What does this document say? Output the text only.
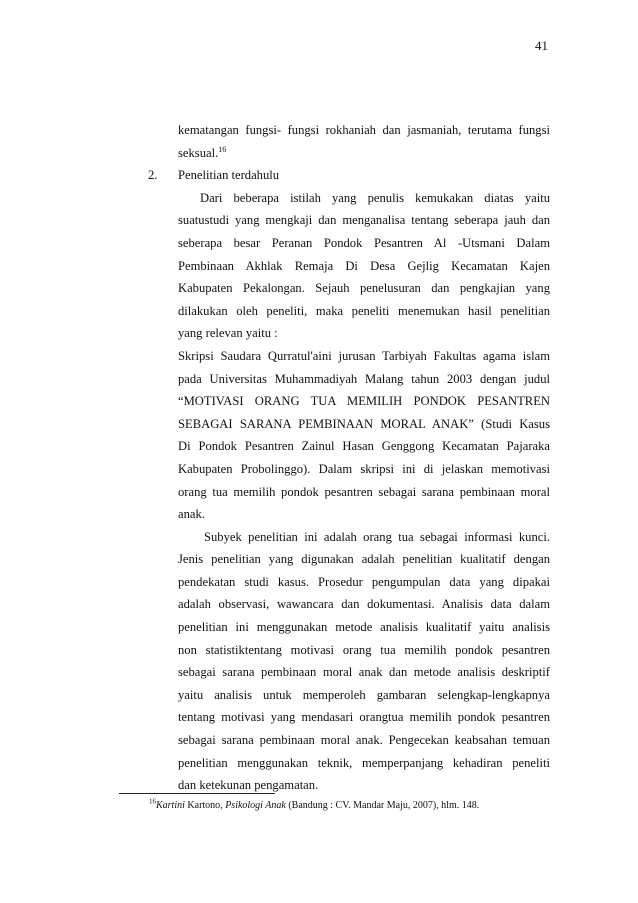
41
kematangan fungsi- fungsi rokhaniah dan jasmaniah, terutama fungsi
seksual.$^{16}$
2. Penelitian terdahulu
Dari beberapa istilah yang penulis kemukakan diatas yaitu
suatustudi yang mengkaji dan menganalisa tentang seberapa jauh dan
seberapa besar Peranan Pondok Pesantren Al -Utsmani Dalam
Pembinaan Akhlak Remaja Di Desa Gejlig Kecamatan Kajen
Kabupaten Pekalongan. Sejauh penelusuran dan pengkajian yang
dilakukan oleh peneliti, maka peneliti menemukan hasil penelitian
yang relevan yaitu :
Skripsi Saudara Qurratul'aini jurusan Tarbiyah Fakultas agama islam
pada Universitas Muhammadiyah Malang tahun 2003 dengan judul
“MOTIVASI ORANG TUA MEMILIH PONDOK PESANTREN
SEBAGAI SARANA PEMBINAAN MORAL ANAK” (Studi Kasus
Di Pondok Pesantren Zainul Hasan Genggong Kecamatan Pajaraka
Kabupaten Probolinggo). Dalam skripsi ini di jelaskan memotivasi
orang tua memilih pondok pesantren sebagai sarana pembinaan moral
anak.
Subyek penelitian ini adalah orang tua sebagai informasi kunci.
Jenis penelitian yang digunakan adalah penelitian kualitatif dengan
pendekatan studi kasus. Prosedur pengumpulan data yang dipakai
adalah observasi, wawancara dan dokumentasi. Analisis data dalam
penelitian ini menggunakan metode analisis kualitatif yaitu analisis
non statistiktentang motivasi orang tua memilih pondok pesantren
sebagai sarana pembinaan moral anak dan metode analisis deskriptif
yaitu analisis untuk memperoleh gambaran selengkap-lengkapnya
tentang motivasi yang mendasari orangtua memilih pondok pesantren
sebagai sarana pembinaan moral anak. Pengecekan keabsahan temuan
penelitian menggunakan teknik, memperpanjang kehadiran peneliti
dan ketekunan pengamatan.
$^{16}$Kartini Kartono, Psikologi Anak (Bandung : CV. Mandar Maju, 2007), hlm. 148.
